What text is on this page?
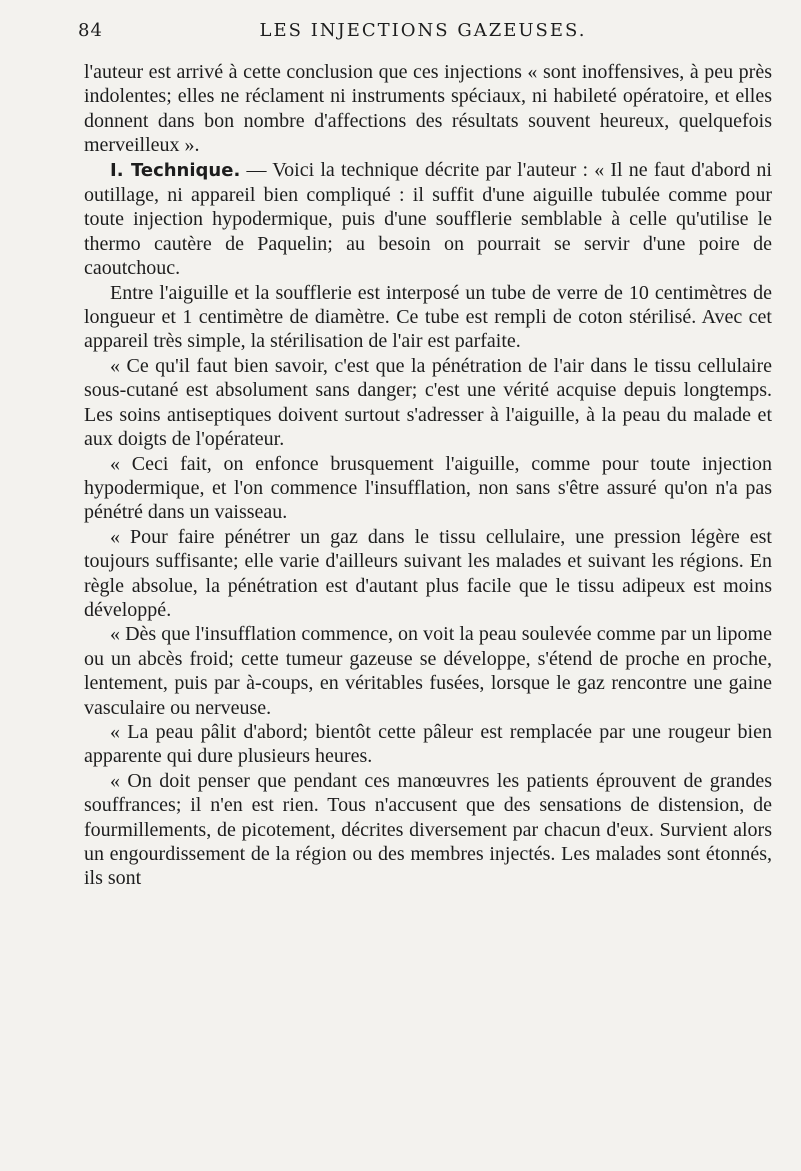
84	LES INJECTIONS GAZEUSES.

l'auteur est arrivé à cette conclusion que ces injections « sont inoffensives, à peu près indolentes; elles ne réclament ni instruments spéciaux, ni habileté opératoire, et elles donnent dans bon nombre d'affections des résultats souvent heureux, quelquefois merveilleux ».

I. Technique. — Voici la technique décrite par l'auteur : « Il ne faut d'abord ni outillage, ni appareil bien compliqué : il suffit d'une aiguille tubulée comme pour toute injection hypodermique, puis d'une soufflerie semblable à celle qu'utilise le thermo cautère de Paquelin; au besoin on pourrait se servir d'une poire de caoutchouc.

Entre l'aiguille et la soufflerie est interposé un tube de verre de 10 centimètres de longueur et 1 centimètre de diamètre. Ce tube est rempli de coton stérilisé. Avec cet appareil très simple, la stérilisation de l'air est parfaite.

« Ce qu'il faut bien savoir, c'est que la pénétration de l'air dans le tissu cellulaire sous-cutané est absolument sans danger; c'est une vérité acquise depuis longtemps. Les soins antiseptiques doivent surtout s'adresser à l'aiguille, à la peau du malade et aux doigts de l'opérateur.

« Ceci fait, on enfonce brusquement l'aiguille, comme pour toute injection hypodermique, et l'on commence l'insufflation, non sans s'être assuré qu'on n'a pas pénétré dans un vaisseau.

« Pour faire pénétrer un gaz dans le tissu cellulaire, une pression légère est toujours suffisante; elle varie d'ailleurs suivant les malades et suivant les régions. En règle absolue, la pénétration est d'autant plus facile que le tissu adipeux est moins développé.

« Dès que l'insufflation commence, on voit la peau soulevée comme par un lipome ou un abcès froid; cette tumeur gazeuse se développe, s'étend de proche en proche, lentement, puis par à-coups, en véritables fusées, lorsque le gaz rencontre une gaine vasculaire ou nerveuse.

« La peau pâlit d'abord; bientôt cette pâleur est remplacée par une rougeur bien apparente qui dure plusieurs heures.

« On doit penser que pendant ces manœuvres les patients éprouvent de grandes souffrances; il n'en est rien. Tous n'accusent que des sensations de distension, de fourmillements, de picotement, décrites diversement par chacun d'eux. Survient alors un engourdissement de la région ou des membres injectés. Les malades sont étonnés, ils sont
